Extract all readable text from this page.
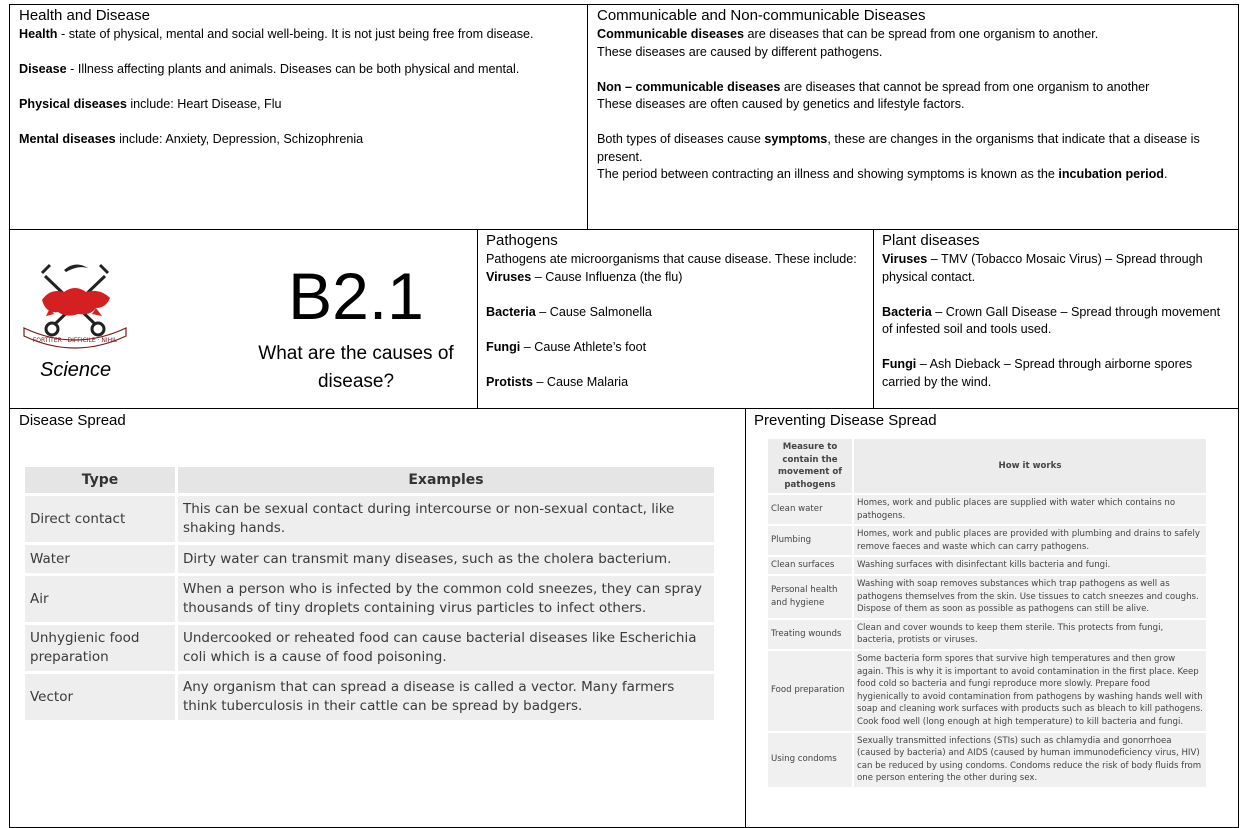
Health and Disease

Health - state of physical, mental and social well-being. It is not just being free from disease.

Disease - Illness affecting plants and animals. Diseases can be both physical and mental.

Physical diseases include: Heart Disease, Flu

Mental diseases include: Anxiety, Depression, Schizophrenia

Communicable and Non-communicable Diseases

Communicable diseases are diseases that can be spread from one organism to another.

These diseases are caused by different pathogens.

Non – communicable diseases are diseases that cannot be spread from one organism to another

These diseases are often caused by genetics and lifestyle factors.

Both types of diseases cause symptoms, these are changes in the organisms that indicate that a disease is present.

The period between contracting an illness and showing symptoms is known as the incubation period.

FORTITER · DIFFICILE · NIHIL
Science
B2.1
What are the causes of disease?
Pathogens

Pathogens ate microorganisms that cause disease. These include:

Viruses – Cause Influenza (the flu)

Bacteria – Cause Salmonella

Fungi – Cause Athlete’s foot

Protists – Cause Malaria

Plant diseases

Viruses – TMV (Tobacco Mosaic Virus) – Spread through physical contact.

Bacteria – Crown Gall Disease – Spread through movement of infested soil and tools used.

Fungi – Ash Dieback – Spread through airborne spores carried by the wind.

Disease Spread
Type	Examples
Direct contact	This can be sexual contact during intercourse or non-sexual contact, like shaking hands.
Water	Dirty water can transmit many diseases, such as the cholera bacterium.
Air	When a person who is infected by the common cold sneezes, they can spray thousands of tiny droplets containing virus particles to infect others.
Unhygienic food preparation	Undercooked or reheated food can cause bacterial diseases like Escherichia coli which is a cause of food poisoning.
Vector	Any organism that can spread a disease is called a vector. Many farmers think tuberculosis in their cattle can be spread by badgers.
Preventing Disease Spread
Measure to contain the movement of pathogens	How it works
Clean water	Homes, work and public places are supplied with water which contains no pathogens.
Plumbing	Homes, work and public places are provided with plumbing and drains to safely remove faeces and waste which can carry pathogens.
Clean surfaces	Washing surfaces with disinfectant kills bacteria and fungi.
Personal health and hygiene	Washing with soap removes substances which trap pathogens as well as pathogens themselves from the skin. Use tissues to catch sneezes and coughs. Dispose of them as soon as possible as pathogens can still be alive.
Treating wounds	Clean and cover wounds to keep them sterile. This protects from fungi, bacteria, protists or viruses.
Food preparation	Some bacteria form spores that survive high temperatures and then grow again. This is why it is important to avoid contamination in the first place. Keep food cold so bacteria and fungi reproduce more slowly. Prepare food hygienically to avoid contamination from pathogens by washing hands well with soap and cleaning work surfaces with products such as bleach to kill pathogens. Cook food well (long enough at high temperature) to kill bacteria and fungi.
Using condoms	Sexually transmitted infections (STIs) such as chlamydia and gonorrhoea (caused by bacteria) and AIDS (caused by human immunodeficiency virus, HIV) can be reduced by using condoms. Condoms reduce the risk of body fluids from one person entering the other during sex.
